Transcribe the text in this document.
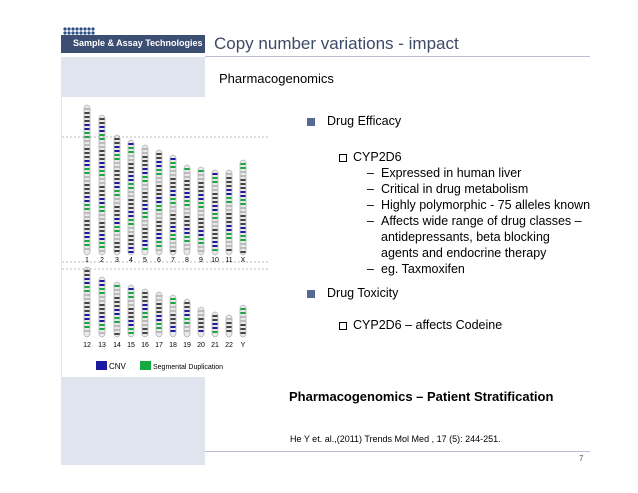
Sample & Assay Technologies Copy number variations - impact
Pharmacogenomics
1 2 3 4 5 6 7 8 9 10 11 X
12 13 14 15 16 17 18 19 20 21 22 Y
CNV	Segmental Duplication
Drug Efficacy
CYP2D6
– Expressed in human liver
– Critical in drug metabolism
– Highly polymorphic - 75 alleles known
– Affects wide range of drug classes –
antidepressants, beta blocking
agents and endocrine therapy
– eg. Taxmoxifen
Drug Toxicity
CYP2D6 – affects Codeine
Pharmacogenomics – Patient Stratification
He Y et. al.,(2011) Trends Mol Med , 17 (5): 244-251.
7
